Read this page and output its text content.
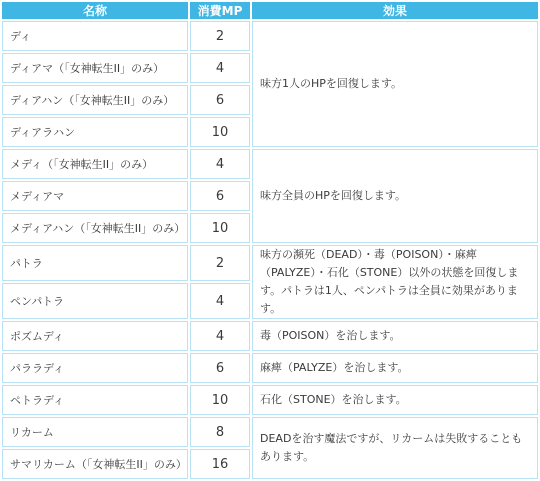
名称	消費MP	効果
ディ	2	味方1人のHPを回復します。
ディアマ（「女神転生II」のみ）	4	
ディアハン（「女神転生II」のみ）	6	
ディアラハン	10	
メディ（「女神転生II」のみ）	4	味方全員のHPを回復します。
メディアマ	6	
メディアハン（「女神転生II」のみ）	10	
パトラ	2	味方の瀕死（DEAD）・毒（POISON）・麻痺（PALYZE）・石化（STONE）以外の状態を回復します。パトラは1人、ペンパトラは全員に効果があります。
ペンパトラ	4	
ポズムディ	4	毒（POISON）を治します。
パララディ	6	麻痺（PALYZE）を治します。
ペトラディ	10	石化（STONE）を治します。
リカーム	8	DEADを治す魔法ですが、リカームは失敗することもあります。
サマリカーム（「女神転生II」のみ）	16	
